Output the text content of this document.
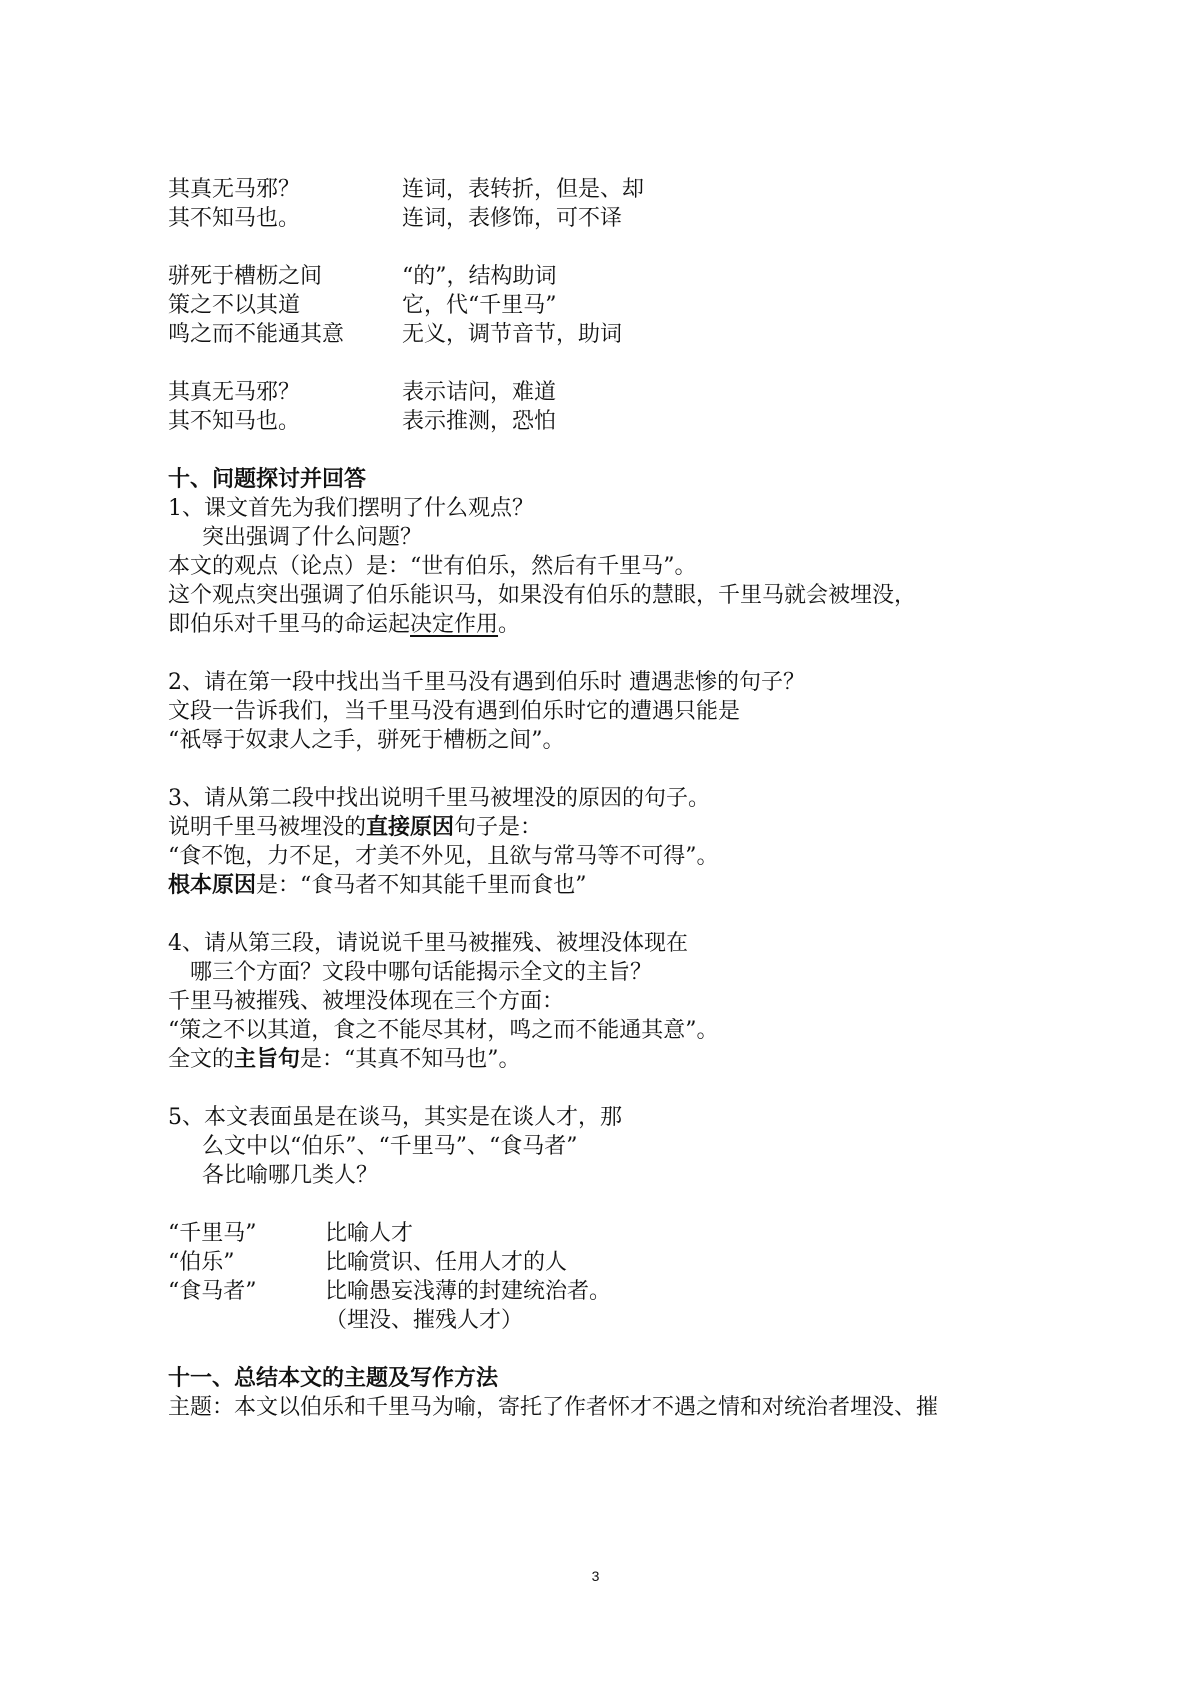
其真无马邪？	连词，表转折，但是、却
其不知马也。	连词，表修饰，可不译
骈死于槽枥之间	“的”，结构助词
策之不以其道	它，代“千里马”
鸣之而不能通其意	无义，调节音节，助词
其真无马邪？	表示诘问，难道
其不知马也。	表示推测，恐怕
十、问题探讨并回答
1、课文首先为我们摆明了什么观点？
突出强调了什么问题？
本文的观点（论点）是：“世有伯乐，然后有千里马”。
这个观点突出强调了伯乐能识马，如果没有伯乐的慧眼，千里马就会被埋没，
即伯乐对千里马的命运起决定作用。
2、请在第一段中找出当千里马没有遇到伯乐时 遭遇悲惨的句子？
文段一告诉我们，当千里马没有遇到伯乐时它的遭遇只能是
“祇辱于奴隶人之手，骈死于槽枥之间”。
3、请从第二段中找出说明千里马被埋没的原因的句子。
说明千里马被埋没的直接原因句子是：
“食不饱，力不足，才美不外见，且欲与常马等不可得”。
根本原因是：“食马者不知其能千里而食也”
4、请从第三段，请说说千里马被摧残、被埋没体现在
哪三个方面？文段中哪句话能揭示全文的主旨？
千里马被摧残、被埋没体现在三个方面：
“策之不以其道，食之不能尽其材，鸣之而不能通其意”。
全文的主旨句是：“其真不知马也”。
5、本文表面虽是在谈马，其实是在谈人才，那
么文中以“伯乐”、“千里马”、“食马者”
各比喻哪几类人？
“千里马”	比喻人才
“伯乐”	比喻赏识、任用人才的人
“食马者”	比喻愚妄浅薄的封建统治者。
（埋没、摧残人才）
十一、总结本文的主题及写作方法
主题：本文以伯乐和千里马为喻，寄托了作者怀才不遇之情和对统治者埋没、摧
3
